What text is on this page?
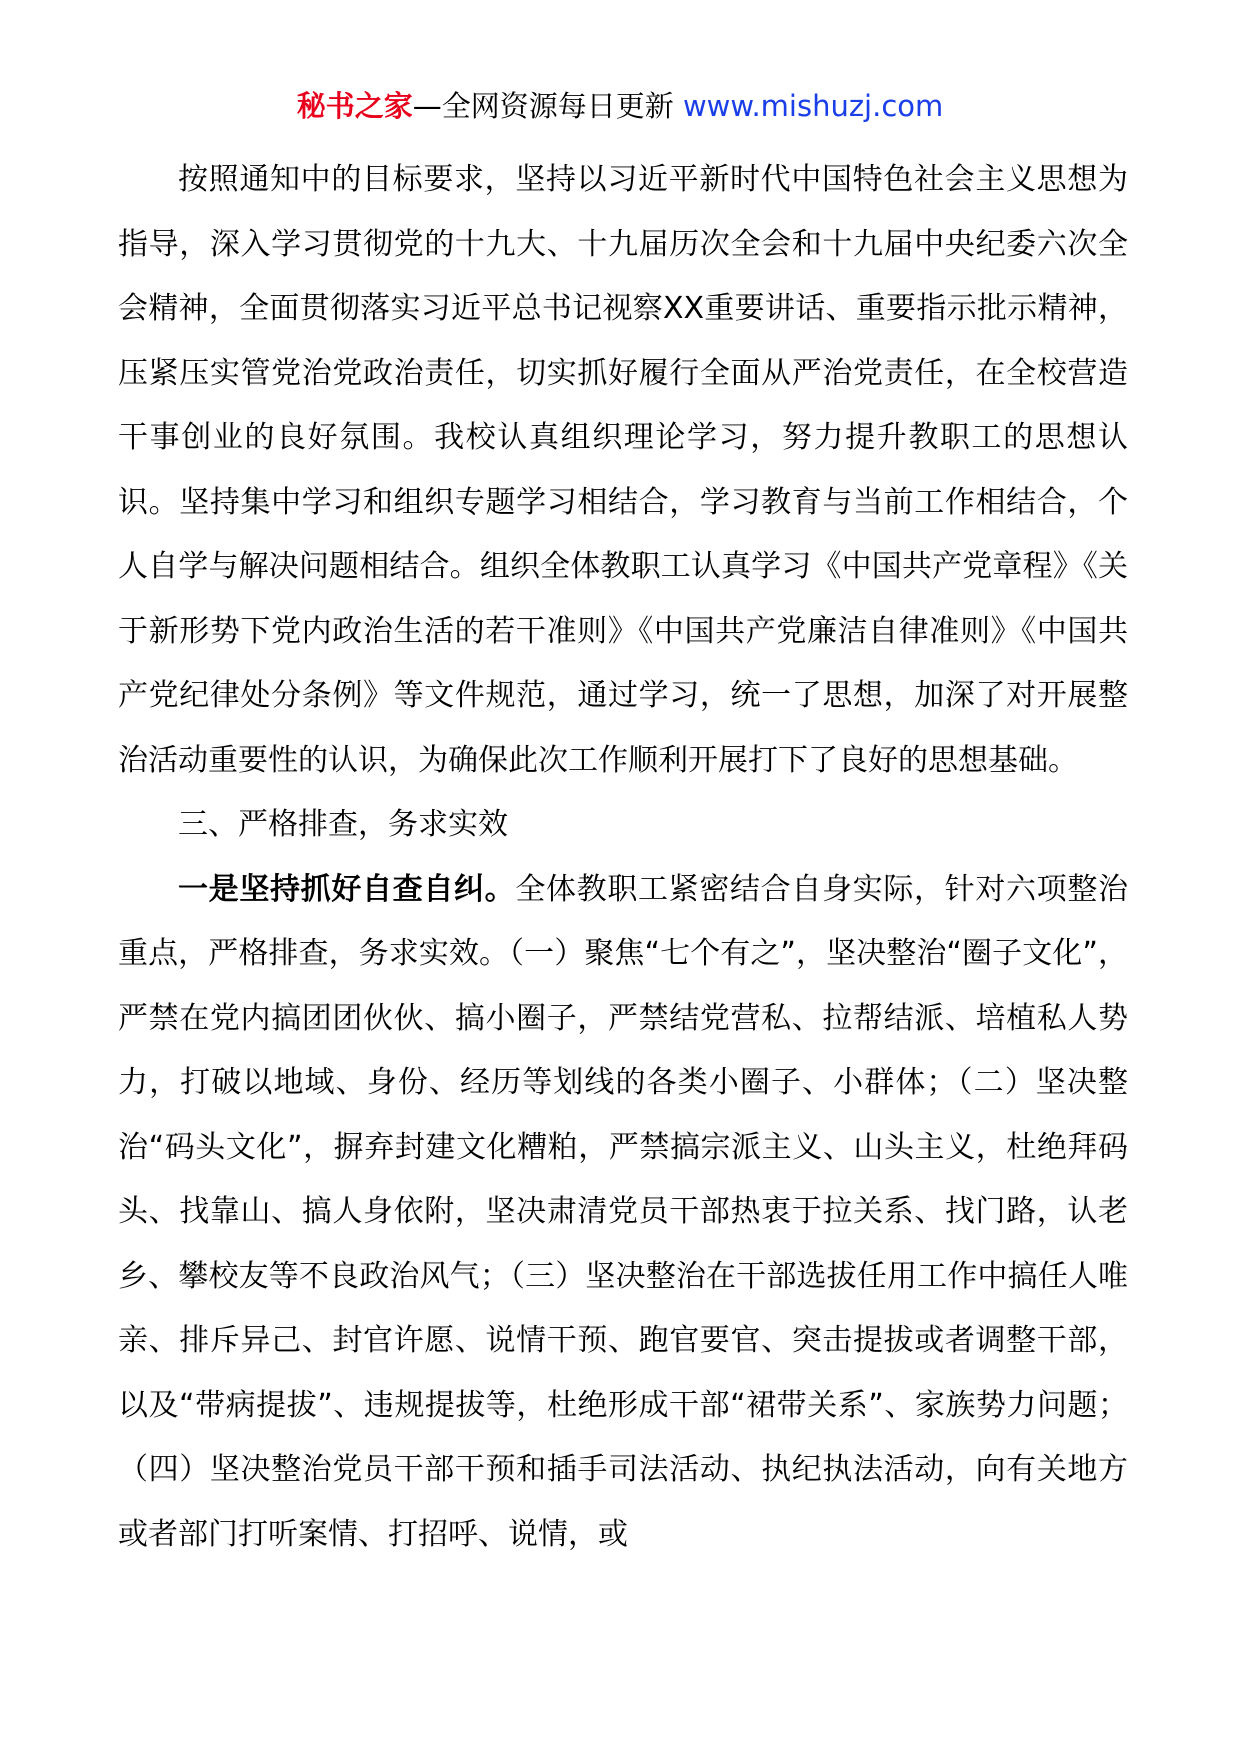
秘书之家—全网资源每日更新 www.mishuzj.com

按照通知中的目标要求，坚持以习近平新时代中国特色社会主义思想为指导，深入学习贯彻党的十九大、十九届历次全会和十九届中央纪委六次全会精神，全面贯彻落实习近平总书记视察XX重要讲话、重要指示批示精神，压紧压实管党治党政治责任，切实抓好履行全面从严治党责任，在全校营造干事创业的良好氛围。我校认真组织理论学习，努力提升教职工的思想认识。坚持集中学习和组织专题学习相结合，学习教育与当前工作相结合，个人自学与解决问题相结合。组织全体教职工认真学习《中国共产党章程》《关于新形势下党内政治生活的若干准则》《中国共产党廉洁自律准则》《中国共产党纪律处分条例》等文件规范，通过学习，统一了思想，加深了对开展整治活动重要性的认识，为确保此次工作顺利开展打下了良好的思想基础。

三、严格排查，务求实效

一是坚持抓好自查自纠。全体教职工紧密结合自身实际，针对六项整治重点，严格排查，务求实效。（一）聚焦“七个有之”，坚决整治“圈子文化”，严禁在党内搞团团伙伙、搞小圈子，严禁结党营私、拉帮结派、培植私人势力，打破以地域、身份、经历等划线的各类小圈子、小群体；（二）坚决整治“码头文化”，摒弃封建文化糟粕，严禁搞宗派主义、山头主义，杜绝拜码头、找靠山、搞人身依附，坚决肃清党员干部热衷于拉关系、找门路，认老乡、攀校友等不良政治风气；（三）坚决整治在干部选拔任用工作中搞任人唯亲、排斥异己、封官许愿、说情干预、跑官要官、突击提拔或者调整干部，以及“带病提拔”、违规提拔等，杜绝形成干部“裙带关系”、家族势力问题；（四）坚决整治党员干部干预和插手司法活动、执纪执法活动，向有关地方或者部门打听案情、打招呼、说情，或
